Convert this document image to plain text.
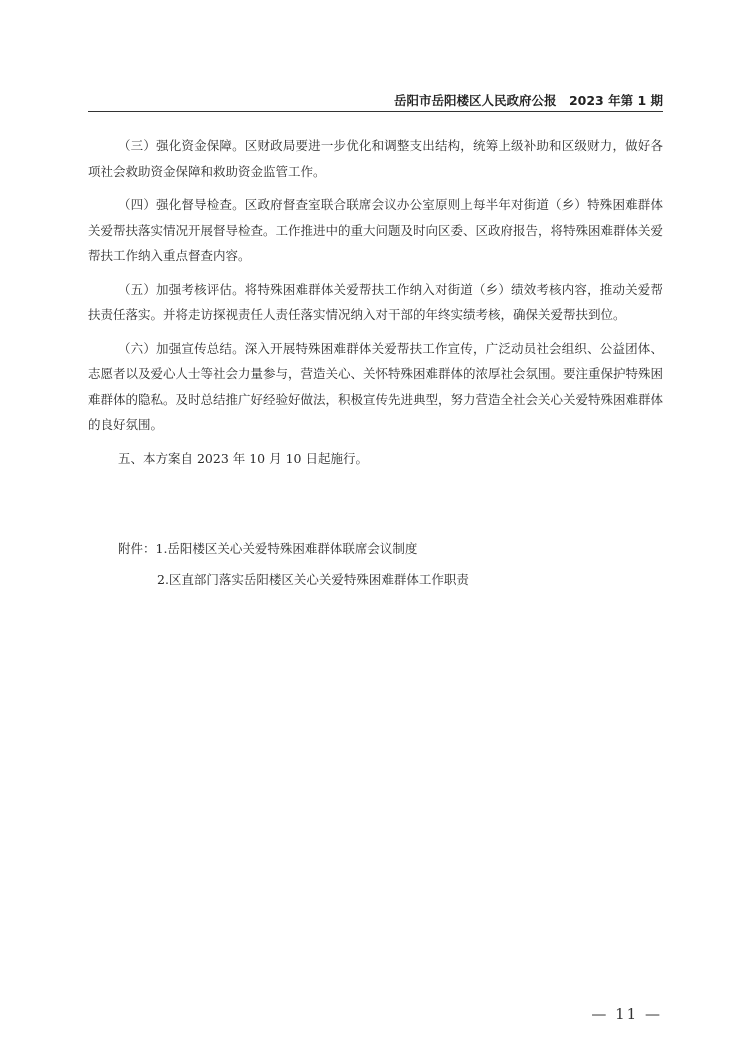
岳阳市岳阳楼区人民政府公报　2023 年第 1 期

（三）强化资金保障。区财政局要进一步优化和调整支出结构，统筹上级补助和区级财力，做好各项社会救助资金保障和救助资金监管工作。

（四）强化督导检查。区政府督查室联合联席会议办公室原则上每半年对街道（乡）特殊困难群体关爱帮扶落实情况开展督导检查。工作推进中的重大问题及时向区委、区政府报告，将特殊困难群体关爱帮扶工作纳入重点督查内容。

（五）加强考核评估。将特殊困难群体关爱帮扶工作纳入对街道（乡）绩效考核内容，推动关爱帮扶责任落实。并将走访探视责任人责任落实情况纳入对干部的年终实绩考核，确保关爱帮扶到位。

（六）加强宣传总结。深入开展特殊困难群体关爱帮扶工作宣传，广泛动员社会组织、公益团体、志愿者以及爱心人士等社会力量参与，营造关心、关怀特殊困难群体的浓厚社会氛围。要注重保护特殊困难群体的隐私。及时总结推广好经验好做法，积极宣传先进典型，努力营造全社会关心关爱特殊困难群体的良好氛围。

五、本方案自 2023 年 10 月 10 日起施行。

附件：1.岳阳楼区关心关爱特殊困难群体联席会议制度
2.区直部门落实岳阳楼区关心关爱特殊困难群体工作职责
— 11 —
